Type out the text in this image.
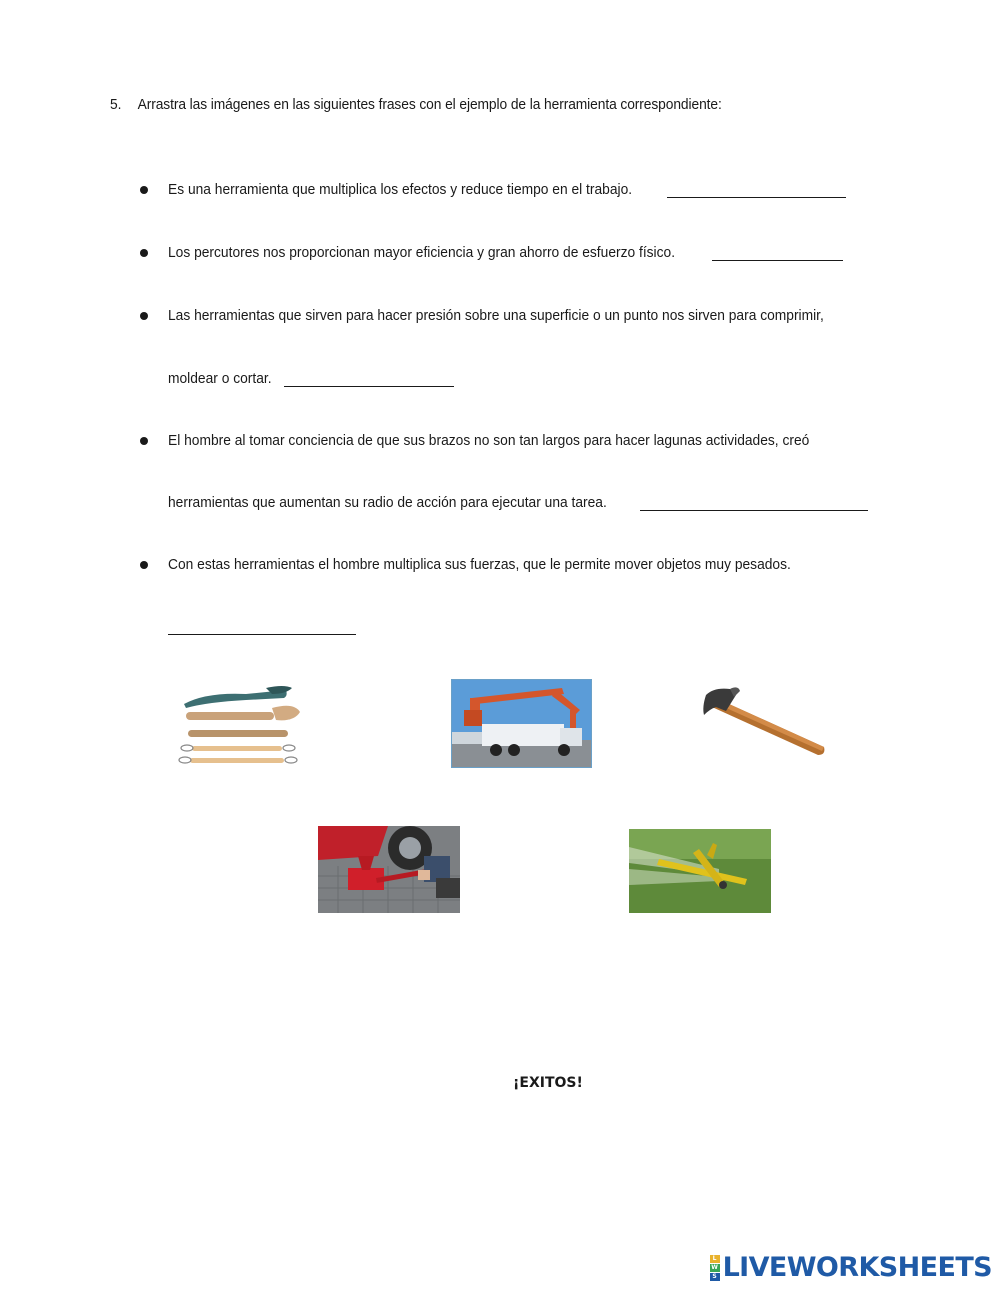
5. Arrastra las imágenes en las siguientes frases con el ejemplo de la herramienta correspondiente:
Es una herramienta que multiplica los efectos y reduce tiempo en el trabajo.
Los percutores nos proporcionan mayor eficiencia y gran ahorro de esfuerzo físico.
Las herramientas que sirven para hacer presión sobre una superficie o un punto nos sirven para comprimir,
moldear o cortar.
El hombre al tomar conciencia de que sus brazos no son tan largos para hacer lagunas actividades, creó
herramientas que aumentan su radio de acción para ejecutar una tarea.
Con estas herramientas el hombre multiplica sus fuerzas, que le permite mover objetos muy pesados.
¡EXITOS!
L
W
S LIVEWORKSHEETS
